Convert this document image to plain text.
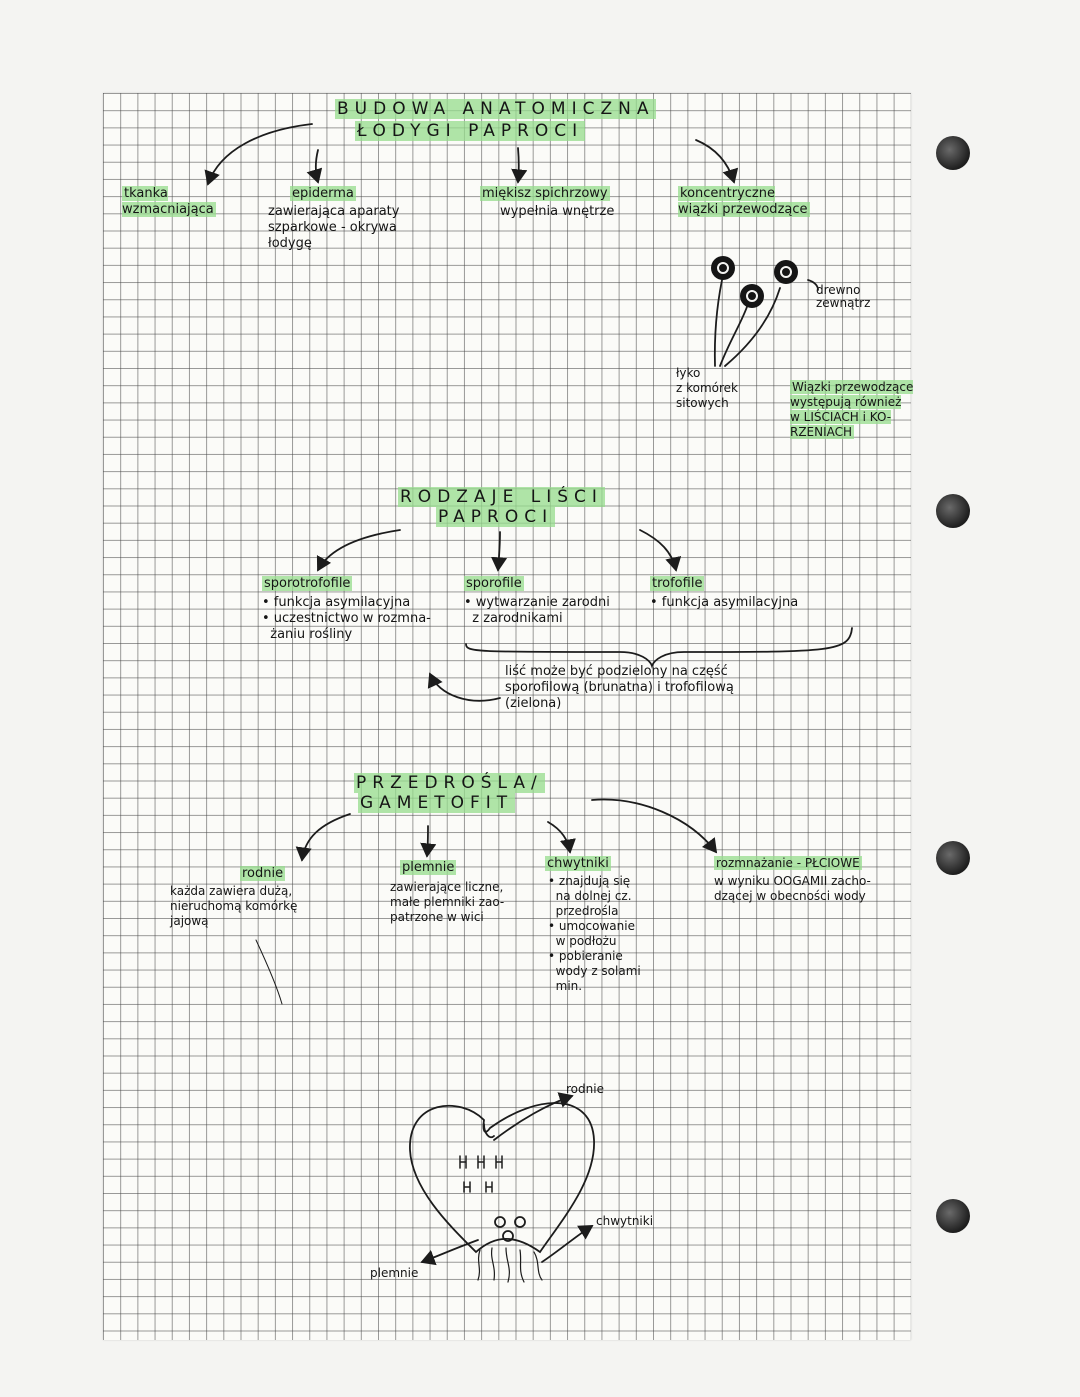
BUDOWA ANATOMICZNA
ŁODYGI PAPROCI
tkanka
wzmacniająca
epiderma
zawierająca aparaty
szparkowe - okrywa
łodygę
miękisz spichrzowy
wypełnia wnętrze
koncentryczne
wiązki przewodzące
drewno
zewnątrz
łyko
z komórek
sitowych
Wiązki przewodzące
występują również
w LIŚCIACH i KO-
RZENIACH
RODZAJE LIŚCI
PAPROCI
sporotrofofile
• funkcja asymilacyjna
• uczestnictwo w rozmna-
żaniu rośliny
sporofile
• wytwarzanie zarodni
z zarodnikami
trofofile
• funkcja asymilacyjna
liść może być podzielony na część
sporofilową (brunatna) i trofofilową
(zielona)
PRZEDROŚLA/
GAMETOFIT
rodnie
każda zawiera dużą,
nieruchomą komórkę
jajową
plemnie
zawierające liczne,
małe plemniki zao-
patrzone w wici
chwytniki
• znajdują się
na dolnej cz.
przedrośla
• umocowanie
w podłożu
• pobieranie
wody z solami
min.
rozmnażanie - PŁCIOWE
w wyniku OOGAMII zacho-
dzącej w obecności wody
rodnie
chwytniki
plemnie
